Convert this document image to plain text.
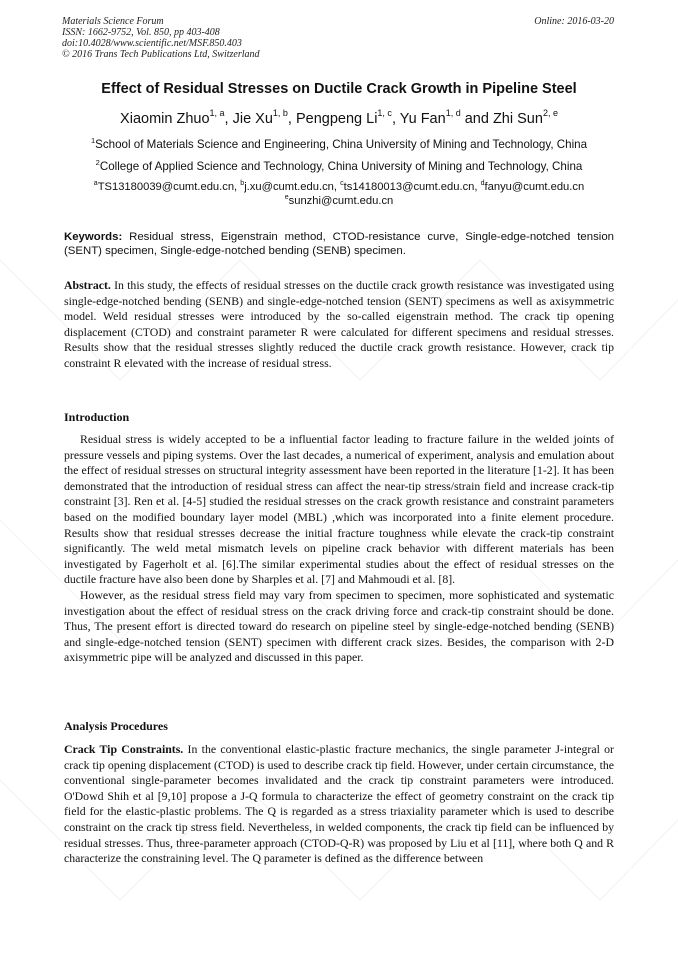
Materials Science Forum
ISSN: 1662-9752, Vol. 850, pp 403-408
doi:10.4028/www.scientific.net/MSF.850.403
© 2016 Trans Tech Publications Ltd, Switzerland
Online: 2016-03-20
Effect of Residual Stresses on Ductile Crack Growth in Pipeline Steel
Xiaomin Zhuo$^{1, a}$, Jie Xu$^{1, b}$, Pengpeng Li$^{1, c}$, Yu Fan$^{1, d}$ and Zhi Sun$^{2, e}$
$^1$School of Materials Science and Engineering, China University of Mining and Technology, China
$^2$College of Applied Science and Technology, China University of Mining and Technology, China
$^a$TS13180039@cumt.edu.cn, $^b$j.xu@cumt.edu.cn, $^c$ts14180013@cumt.edu.cn, $^d$fanyu@cumt.edu.cn
$^e$sunzhi@cumt.edu.cn
Keywords: Residual stress, Eigenstrain method, CTOD-resistance curve, Single-edge-notched tension (SENT) specimen, Single-edge-notched bending (SENB) specimen.

Abstract. In this study, the effects of residual stresses on the ductile crack growth resistance was investigated using single-edge-notched bending (SENB) and single-edge-notched tension (SENT) specimens as well as axisymmetric model. Weld residual stresses were introduced by the so-called eigenstrain method. The crack tip opening displacement (CTOD) and constraint parameter R were calculated for different specimens and residual stresses. Results show that the residual stresses slightly reduced the ductile crack growth resistance. However, crack tip constraint R elevated with the increase of residual stress.

Introduction

Residual stress is widely accepted to be a influential factor leading to fracture failure in the welded joints of pressure vessels and piping systems. Over the last decades, a numerical of experiment, analysis and emulation about the effect of residual stresses on structural integrity assessment have been reported in the literature [1-2]. It has been demonstrated that the introduction of residual stress can affect the near-tip stress/strain field and increase crack-tip constraint [3]. Ren et al. [4-5] studied the residual stresses on the crack growth resistance and constraint parameters based on the modified boundary layer model (MBL) ,which was incorporated into a finite element procedure. Results show that residual stresses decrease the initial fracture toughness while elevate the crack-tip constraint significantly. The weld metal mismatch levels on pipeline crack behavior with different materials has been investigated by Fagerholt et al. [6].The similar experimental studies about the effect of residual stresses on the ductile fracture have also been done by Sharples et al. [7] and Mahmoudi et al. [8].

However, as the residual stress field may vary from specimen to specimen, more sophisticated and systematic investigation about the effect of residual stress on the crack driving force and crack-tip constraint should be done. Thus, The present effort is directed toward do research on pipeline steel by single-edge-notched bending (SENB) and single-edge-notched tension (SENT) specimen with different crack sizes. Besides, the comparison with 2-D axisymmetric pipe will be analyzed and discussed in this paper.

Analysis Procedures

Crack Tip Constraints. In the conventional elastic-plastic fracture mechanics, the single parameter J-integral or crack tip opening displacement (CTOD) is used to describe crack tip field. However, under certain circumstance, the conventional single-parameter becomes invalidated and the crack tip constraint parameters were introduced. O'Dowd Shih et al [9,10] propose a J-Q formula to characterize the effect of geometry constraint on the crack tip field for the elastic-plastic problems. The Q is regarded as a stress triaxiality parameter which is used to describe constraint on the crack tip stress field. Nevertheless, in welded components, the crack tip field can be influenced by residual stresses. Thus, three-parameter approach (CTOD-Q-R) was proposed by Liu et al [11], where both Q and R characterize the constraining level. The Q parameter is defined as the difference between
